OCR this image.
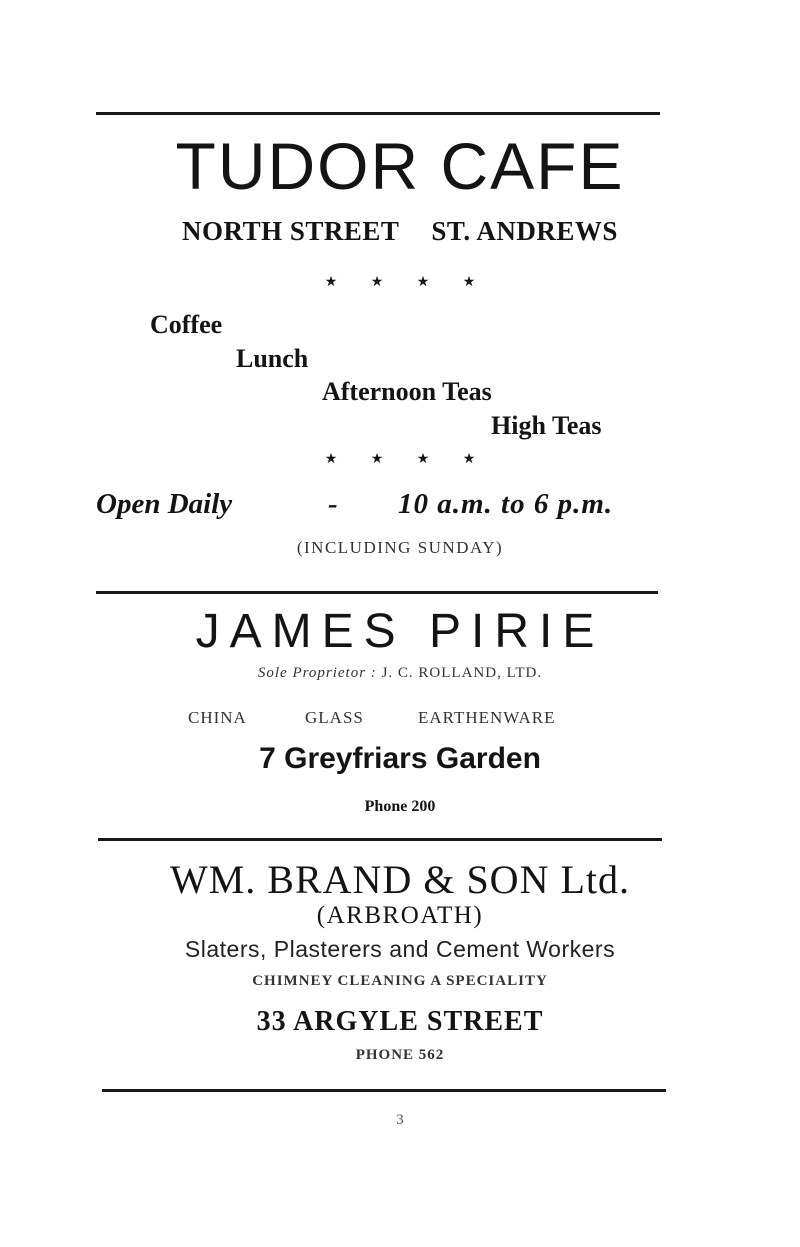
TUDOR CAFE
NORTH STREET ST. ANDREWS
★ ★ ★ ★
Coffee
Lunch
Afternoon Teas
High Teas
★ ★ ★ ★
Open Daily	- 10 a.m. to 6 p.m.
(INCLUDING SUNDAY)
JAMES PIRIE
Sole Proprietor : J. C. ROLLAND, LTD.
CHINA	GLASS	EARTHENWARE
7 Greyfriars Garden
Phone 200
WM. BRAND & SON Ltd.
(ARBROATH)
Slaters, Plasterers and Cement Workers
CHIMNEY CLEANING A SPECIALITY
33 ARGYLE STREET
PHONE 562
3
